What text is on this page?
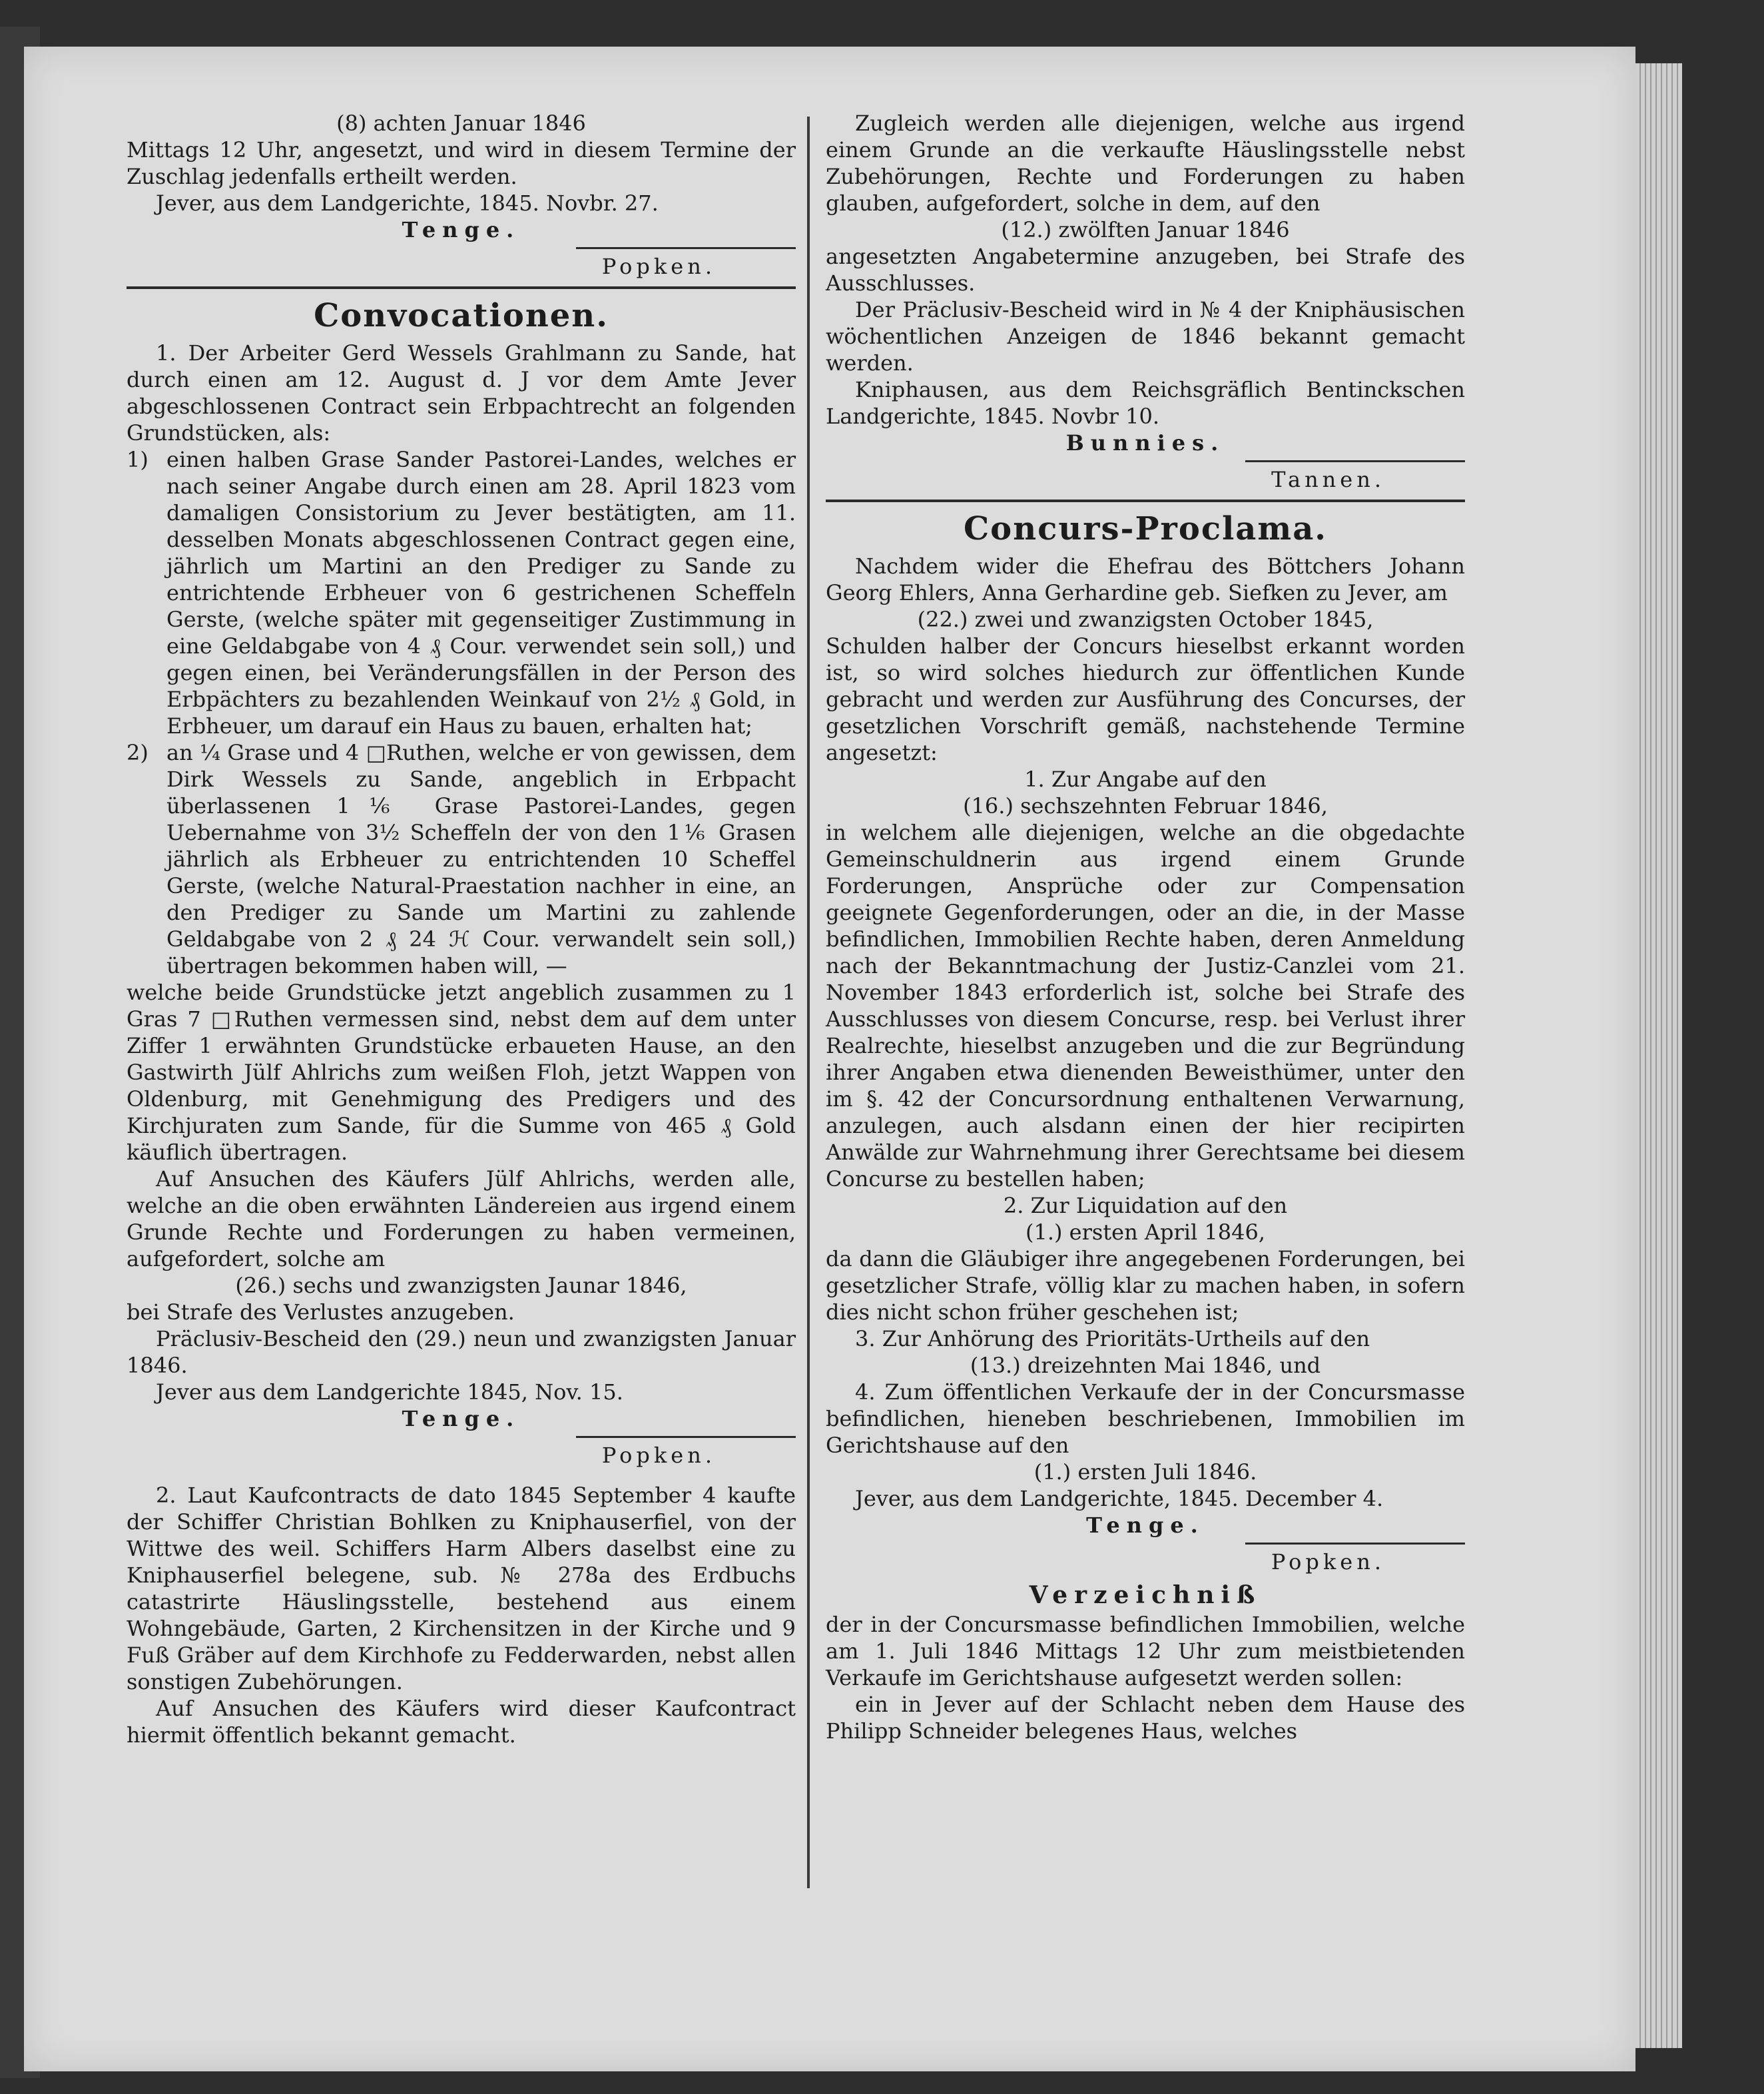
(8) achten Januar 1846

Mittags 12 Uhr, angesetzt, und wird in diesem Termine der Zuschlag jedenfalls ertheilt werden.

Jever, aus dem Landgerichte, 1845. Novbr. 27.

Tenge.

Popken.

Convocationen.

1. Der Arbeiter Gerd Wessels Grahlmann zu Sande, hat durch einen am 12. August d. J vor dem Amte Jever abgeschlossenen Contract sein Erbpachtrecht an folgenden Grundstücken, als:

1) einen halben Grase Sander Pastorei-Landes, welches er nach seiner Angabe durch einen am 28. April 1823 vom damaligen Consistorium zu Jever bestätigten, am 11. desselben Monats abgeschlossenen Contract gegen eine, jährlich um Martini an den Prediger zu Sande zu entrichtende Erbheuer von 6 gestrichenen Scheffeln Gerste, (welche später mit gegenseitiger Zustimmung in eine Geldabgabe von 4 ₰ Cour. verwendet sein soll,) und gegen einen, bei Veränderungsfällen in der Person des Erbpächters zu bezahlenden Weinkauf von 2½ ₰ Gold, in Erbheuer, um darauf ein Haus zu bauen, erhalten hat;
2) an ¼ Grase und 4 □Ruthen, welche er von gewissen, dem Dirk Wessels zu Sande, angeblich in Erbpacht überlassenen 1⅙ Grase Pastorei-Landes, gegen Uebernahme von 3½ Scheffeln der von den 1⅙ Grasen jährlich als Erbheuer zu entrichtenden 10 Scheffel Gerste, (welche Natural-Praestation nachher in eine, an den Prediger zu Sande um Martini zu zahlende Geldabgabe von 2 ₰ 24 ℋ Cour. verwandelt sein soll,) übertragen bekommen haben will, —

welche beide Grundstücke jetzt angeblich zusammen zu 1 Gras 7 □Ruthen vermessen sind, nebst dem auf dem unter Ziffer 1 erwähnten Grundstücke erbaueten Hause, an den Gastwirth Jülf Ahlrichs zum weißen Floh, jetzt Wappen von Oldenburg, mit Genehmigung des Predigers und des Kirchjuraten zum Sande, für die Summe von 465 ₰ Gold käuflich übertragen.

Auf Ansuchen des Käufers Jülf Ahlrichs, werden alle, welche an die oben erwähnten Ländereien aus irgend einem Grunde Rechte und Forderungen zu haben vermeinen, aufgefordert, solche am

(26.) sechs und zwanzigsten Jaunar 1846,

bei Strafe des Verlustes anzugeben.

Präclusiv-Bescheid den (29.) neun und zwanzigsten Januar 1846.

Jever aus dem Landgerichte 1845, Nov. 15.

Tenge.

Popken.

2. Laut Kaufcontracts de dato 1845 September 4 kaufte der Schiffer Christian Bohlken zu Kniphauserfiel, von der Wittwe des weil. Schiffers Harm Albers daselbst eine zu Kniphauserfiel belegene, sub. № 278a des Erdbuchs catastrirte Häuslingsstelle, bestehend aus einem Wohngebäude, Garten, 2 Kirchensitzen in der Kirche und 9 Fuß Gräber auf dem Kirchhofe zu Fedderwarden, nebst allen sonstigen Zubehörungen.

Auf Ansuchen des Käufers wird dieser Kaufcontract hiermit öffentlich bekannt gemacht.

Zugleich werden alle diejenigen, welche aus irgend einem Grunde an die verkaufte Häuslingsstelle nebst Zubehörungen, Rechte und Forderungen zu haben glauben, aufgefordert, solche in dem, auf den

(12.) zwölften Januar 1846

angesetzten Angabetermine anzugeben, bei Strafe des Ausschlusses.

Der Präclusiv-Bescheid wird in № 4 der Kniphäusischen wöchentlichen Anzeigen de 1846 bekannt gemacht werden.

Kniphausen, aus dem Reichsgräflich Bentinckschen Landgerichte, 1845. Novbr 10.

Bunnies.

Tannen.

Concurs-Proclama.

Nachdem wider die Ehefrau des Böttchers Johann Georg Ehlers, Anna Gerhardine geb. Siefken zu Jever, am

(22.) zwei und zwanzigsten October 1845,

Schulden halber der Concurs hieselbst erkannt worden ist, so wird solches hiedurch zur öffentlichen Kunde gebracht und werden zur Ausführung des Concurses, der gesetzlichen Vorschrift gemäß, nachstehende Termine angesetzt:

1. Zur Angabe auf den

(16.) sechszehnten Februar 1846,

in welchem alle diejenigen, welche an die obgedachte Gemeinschuldnerin aus irgend einem Grunde Forderungen, Ansprüche oder zur Compensation geeignete Gegenforderungen, oder an die, in der Masse befindlichen, Immobilien Rechte haben, deren Anmeldung nach der Bekanntmachung der Justiz-Canzlei vom 21. November 1843 erforderlich ist, solche bei Strafe des Ausschlusses von diesem Concurse, resp. bei Verlust ihrer Realrechte, hieselbst anzugeben und die zur Begründung ihrer Angaben etwa dienenden Beweisthümer, unter den im §. 42 der Concursordnung enthaltenen Verwarnung, anzulegen, auch alsdann einen der hier recipirten Anwälde zur Wahrnehmung ihrer Gerechtsame bei diesem Concurse zu bestellen haben;

2. Zur Liquidation auf den

(1.) ersten April 1846,

da dann die Gläubiger ihre angegebenen Forderungen, bei gesetzlicher Strafe, völlig klar zu machen haben, in sofern dies nicht schon früher geschehen ist;

3. Zur Anhörung des Prioritäts-Urtheils auf den

(13.) dreizehnten Mai 1846, und

4. Zum öffentlichen Verkaufe der in der Concursmasse befindlichen, hieneben beschriebenen, Immobilien im Gerichtshause auf den

(1.) ersten Juli 1846.

Jever, aus dem Landgerichte, 1845. December 4.

Tenge.

Popken.

Verzeichniß

der in der Concursmasse befindlichen Immobilien, welche am 1. Juli 1846 Mittags 12 Uhr zum meistbietenden Verkaufe im Gerichtshause aufgesetzt werden sollen:

ein in Jever auf der Schlacht neben dem Hause des Philipp Schneider belegenes Haus, welches
